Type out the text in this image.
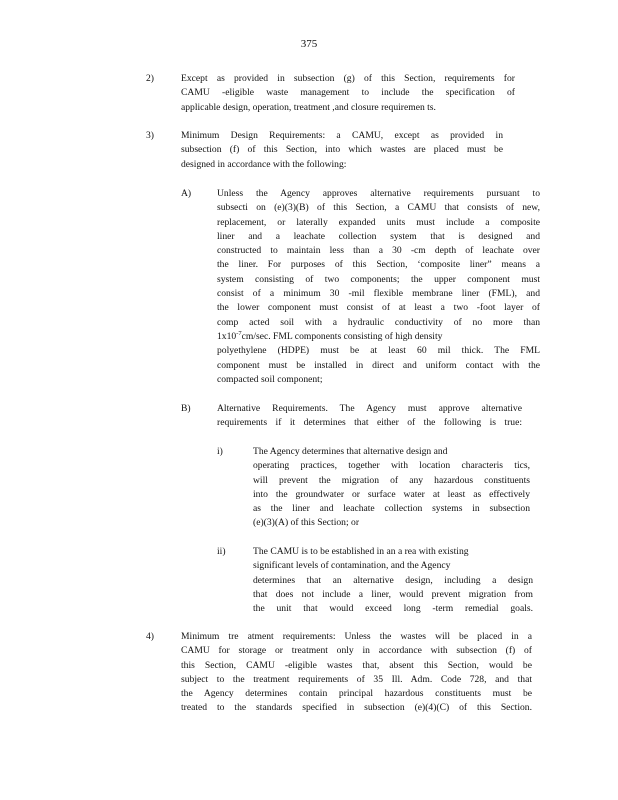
375
2)	Except as provided in subsection (g) of this Section, requirements for
CAMU -eligible waste management to include the specification of
applicable design, operation, treatment ,and closure requiremen ts.
3)	Minimum Design Requirements: a CAMU, except as provided in
subsection (f) of this Section, into which wastes are placed must be
designed in accordance with the following:
A)	Unless the Agency approves alternative requirements pursuant to
subsecti on (e)(3)(B) of this Section, a CAMU that consists of new,
replacement, or laterally expanded units must include a composite
liner and a leachate collection system that is designed and
constructed to maintain less than a 30 -cm depth of leachate over
the liner. For purposes of this Section, ‘composite liner” means a
system consisting of two components; the upper component must
consist of a minimum 30 -mil flexible membrane liner (FML), and
the lower component must consist of at least a two -foot layer of
comp acted soil with a hydraulic conductivity of no more than
$1x10^{-7}cm/\sec$. FML components consisting of high density
polyethylene (HDPE) must be at least 60 mil thick. The FML
component must be installed in direct and uniform contact with the
compacted soil component;
B)	Alternative Requirements. The Agency must approve alternative
requirements if it determines that either of the following is true:
i)	The Agency determines that alternative design and
operating practices, together with location characteris tics,
will prevent the migration of any hazardous constituents
into the groundwater or surface water at least as effectively
as the liner and leachate collection systems in subsection
(e)(3)(A) of this Section; or
ii)	The CAMU is to be established in an a rea with existing
significant levels of contamination, and the Agency
determines that an alternative design, including a design
that does not include a liner, would prevent migration from
the unit that would exceed long -term remedial goals.
4)	Minimum tre atment requirements: Unless the wastes will be placed in a
CAMU for storage or treatment only in accordance with subsection (f) of
this Section, CAMU -eligible wastes that, absent this Section, would be
subject to the treatment requirements of 35 Ill. Adm. Code 728, and that
the Agency determines contain principal hazardous constituents must be
treated to the standards specified in subsection (e)(4)(C) of this Section.
